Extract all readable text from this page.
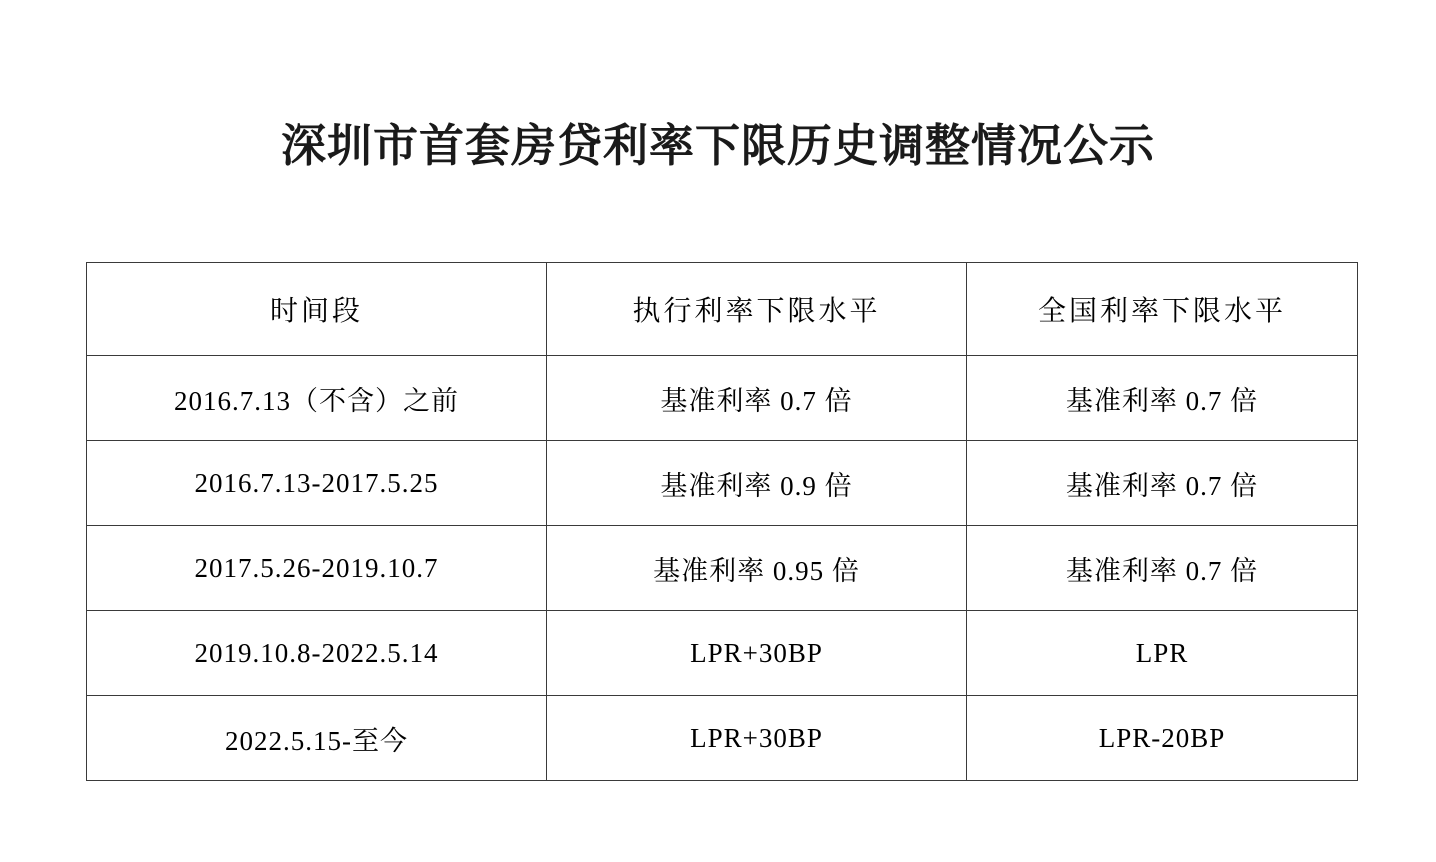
深圳市首套房贷利率下限历史调整情况公示
时间段	执行利率下限水平	全国利率下限水平
2016.7.13（不含）之前	基准利率 0.7 倍	基准利率 0.7 倍
2016.7.13-2017.5.25	基准利率 0.9 倍	基准利率 0.7 倍
2017.5.26-2019.10.7	基准利率 0.95 倍	基准利率 0.7 倍
2019.10.8-2022.5.14	LPR+30BP	LPR
2022.5.15-至今	LPR+30BP	LPR-20BP
